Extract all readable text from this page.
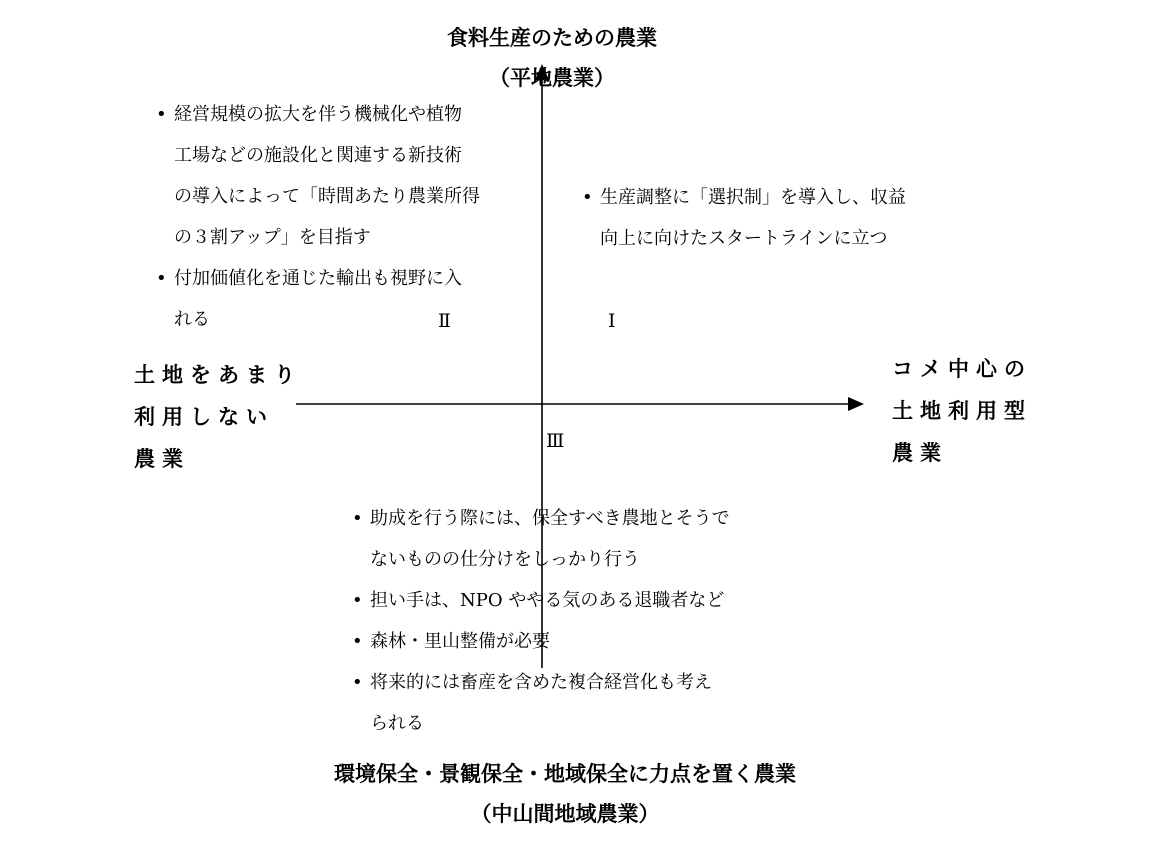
食料生産のための農業
（平地農業）
環境保全・景観保全・地域保全に力点を置く農業
（中山間地域農業）
土地をあまり
利用しない
農業
コメ中心の
土地利用型
農業
• 経営規模の拡大を伴う機械化や植物
工場などの施設化と関連する新技術
の導入によって「時間あたり農業所得
の３割アップ」を目指す
• 付加価値化を通じた輸出も視野に入
れる
• 生産調整に「選択制」を導入し、収益
向上に向けたスタートラインに立つ
Ⅱ	Ⅰ
Ⅲ
• 助成を行う際には、保全すべき農地とそうで
ないものの仕分けをしっかり行う
• 担い手は、NPO ややる気のある退職者など
• 森林・里山整備が必要
• 将来的には畜産を含めた複合経営化も考え
られる
